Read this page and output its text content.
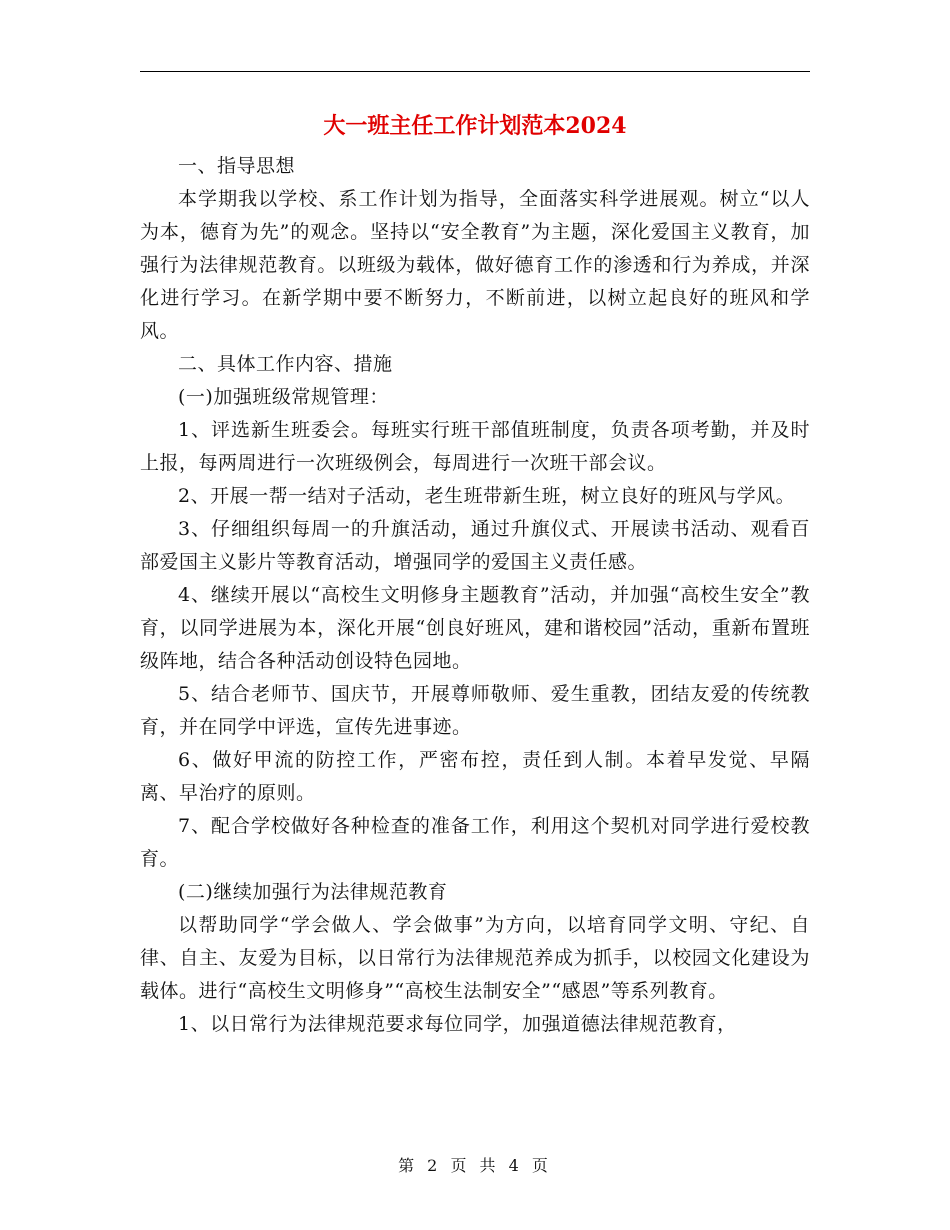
大一班主任工作计划范本2024

一、指导思想

本学期我以学校、系工作计划为指导，全面落实科学进展观。树立“以人为本，德育为先”的观念。坚持以“安全教育”为主题，深化爱国主义教育，加强行为法律规范教育。以班级为载体，做好德育工作的渗透和行为养成，并深化进行学习。在新学期中要不断努力，不断前进，以树立起良好的班风和学风。

二、具体工作内容、措施

(一)加强班级常规管理：

1、评选新生班委会。每班实行班干部值班制度，负责各项考勤，并及时上报，每两周进行一次班级例会，每周进行一次班干部会议。

2、开展一帮一结对子活动，老生班带新生班，树立良好的班风与学风。

3、仔细组织每周一的升旗活动，通过升旗仪式、开展读书活动、观看百部爱国主义影片等教育活动，增强同学的爱国主义责任感。

4、继续开展以“高校生文明修身主题教育”活动，并加强“高校生安全”教育，以同学进展为本，深化开展“创良好班风，建和谐校园”活动，重新布置班级阵地，结合各种活动创设特色园地。

5、结合老师节、国庆节，开展尊师敬师、爱生重教，团结友爱的传统教育，并在同学中评选，宣传先进事迹。

6、做好甲流的防控工作，严密布控，责任到人制。本着早发觉、早隔离、早治疗的原则。

7、配合学校做好各种检查的准备工作，利用这个契机对同学进行爱校教育。

(二)继续加强行为法律规范教育

以帮助同学“学会做人、学会做事”为方向，以培育同学文明、守纪、自律、自主、友爱为目标，以日常行为法律规范养成为抓手，以校园文化建设为载体。进行“高校生文明修身”“高校生法制安全”“感恩”等系列教育。

1、以日常行为法律规范要求每位同学，加强道德法律规范教育，

第 2 页 共 4 页
